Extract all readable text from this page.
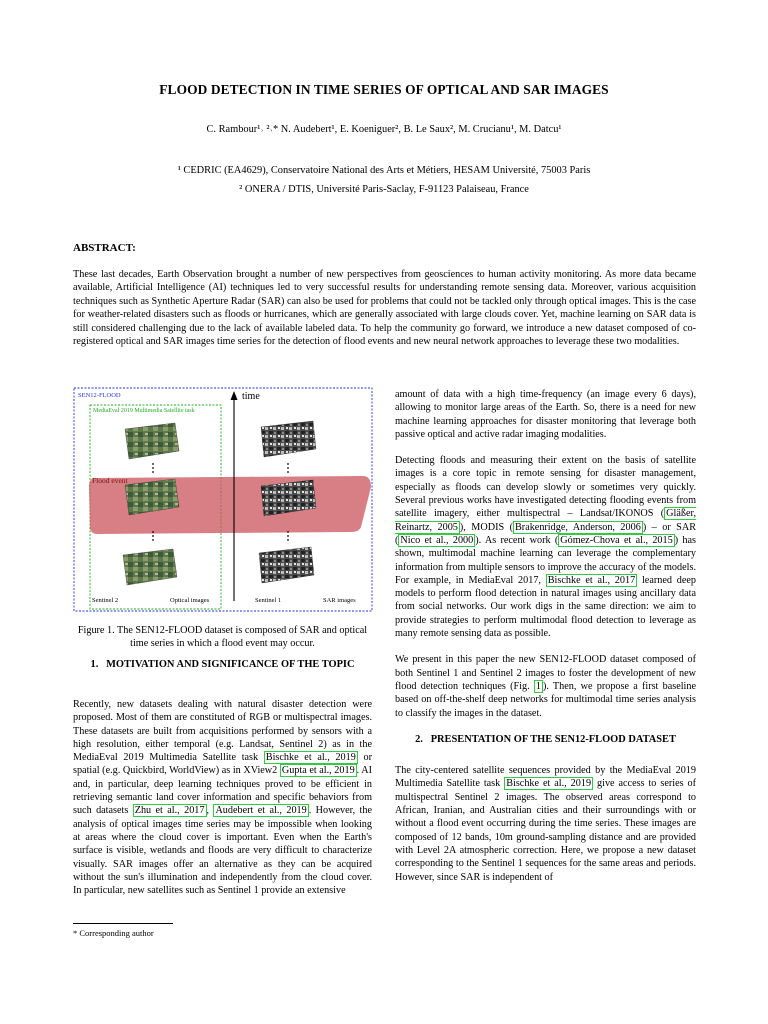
FLOOD DETECTION IN TIME SERIES OF OPTICAL AND SAR IMAGES
C. Rambour¹˒ ²˒* N. Audebert¹, E. Koeniguer², B. Le Saux², M. Crucianu¹, M. Datcu¹
¹ CEDRIC (EA4629), Conservatoire National des Arts et Métiers, HESAM Université, 75003 Paris
² ONERA / DTIS, Université Paris-Saclay, F-91123 Palaiseau, France
ABSTRACT:
These last decades, Earth Observation brought a number of new perspectives from geosciences to human activity monitoring. As more data became available, Artificial Intelligence (AI) techniques led to very successful results for understanding remote sensing data. Moreover, various acquisition techniques such as Synthetic Aperture Radar (SAR) can also be used for problems that could not be tackled only through optical images. This is the case for weather-related disasters such as floods or hurricanes, which are generally associated with large clouds cover. Yet, machine learning on SAR data is still considered challenging due to the lack of available labeled data. To help the community go forward, we introduce a new dataset composed of co-registered optical and SAR images time series for the detection of flood events and new neural network approaches to leverage these two modalities.
SEN12-FLOOD
MediaEval 2019 Multimedia Satellite task
Flood event
time
Sentinel 2	Optical images	Sentinel 1	SAR images
Figure 1. The SEN12-FLOOD dataset is composed of SAR and optical time series in which a flood event may occur.
1. MOTIVATION AND SIGNIFICANCE OF THE TOPIC

Recently, new datasets dealing with natural disaster detection were proposed. Most of them are constituted of RGB or multispectral images. These datasets are built from acquisitions performed by sensors with a high resolution, either temporal (e.g. Landsat, Sentinel 2) as in the MediaEval 2019 Multimedia Satellite task Bischke et al., 2019 or spatial (e.g. Quickbird, WorldView) as in XView2 Gupta et al., 2019 . AI and, in particular, deep learning techniques proved to be efficient in retrieving semantic land cover information and specific behaviors from such datasets Zhu et al., 2017 , Audebert et al., 2019 . However, the analysis of optical images time series may be impossible when looking at areas where the cloud cover is important. Even when the Earth's surface is visible, wetlands and floods are very difficult to characterize visually. SAR images offer an alternative as they can be acquired without the sun's illumination and independently from the cloud cover. In particular, new satellites such as Sentinel 1 provide an extensive

amount of data with a high time-frequency (an image every 6 days), allowing to monitor large areas of the Earth. So, there is a need for new machine learning approaches for disaster monitoring that leverage both passive optical and active radar imaging modalities.

Detecting floods and measuring their extent on the basis of satellite images is a core topic in remote sensing for disaster management, especially as floods can develop slowly or sometimes very quickly. Several previous works have investigated detecting flooding events from satellite imagery, either multispectral – Landsat/IKONOS ( Gläßer, Reinartz, 2005 ), MODIS ( Brakenridge, Anderson, 2006 ) – or SAR ( Nico et al., 2000 ). As recent work ( Gómez-Chova et al., 2015 ) has shown, multimodal machine learning can leverage the complementary information from multiple sensors to improve the accuracy of the models. For example, in MediaEval 2017, Bischke et al., 2017 learned deep models to perform flood detection in natural images using ancillary data from social networks. Our work digs in the same direction: we aim to provide strategies to perform multimodal flood detection to leverage as many remote sensing data as possible.

We present in this paper the new SEN12-FLOOD dataset composed of both Sentinel 1 and Sentinel 2 images to foster the development of new flood detection techniques (Fig. 1 ). Then, we propose a first baseline based on off-the-shelf deep networks for multimodal time series analysis to classify the images in the dataset.

2. PRESENTATION OF THE SEN12-FLOOD DATASET

The city-centered satellite sequences provided by the MediaEval 2019 Multimedia Satellite task Bischke et al., 2019 give access to series of multispectral Sentinel 2 images. The observed areas correspond to African, Iranian, and Australian cities and their surroundings with or without a flood event occurring during the time series. These images are composed of 12 bands, 10m ground-sampling distance and are provided with Level 2A atmospheric correction. Here, we propose a new dataset corresponding to the Sentinel 1 sequences for the same areas and periods. However, since SAR is independent of

* Corresponding author
